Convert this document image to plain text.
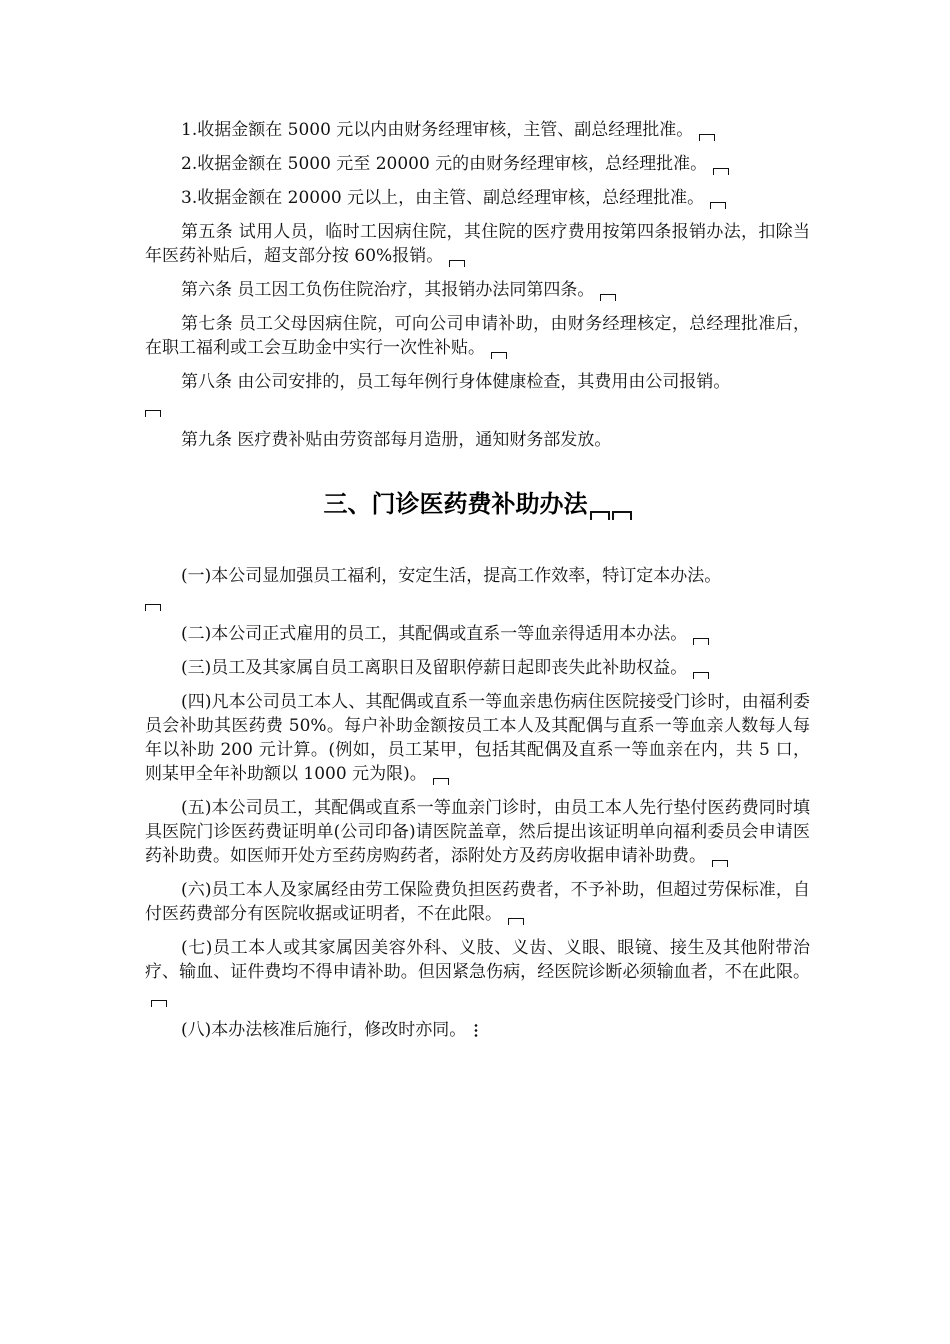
1.收据金额在 5000 元以内由财务经理审核，主管、副总经理批准。
2.收据金额在 5000 元至 20000 元的由财务经理审核，总经理批准。
3.收据金额在 20000 元以上，由主管、副总经理审核，总经理批准。
第五条 试用人员，临时工因病住院，其住院的医疗费用按第四条报销办法，扣除当年医药补贴后，超支部分按 60%报销。
第六条 员工因工负伤住院治疗，其报销办法同第四条。
第七条 员工父母因病住院，可向公司申请补助，由财务经理核定，总经理批准后，在职工福利或工会互助金中实行一次性补贴。
第八条 由公司安排的，员工每年例行身体健康检查，其费用由公司报销。
第九条 医疗费补贴由劳资部每月造册，通知财务部发放。
三、门诊医药费补助办法
(一)本公司显加强员工福利，安定生活，提高工作效率，特订定本办法。
(二)本公司正式雇用的员工，其配偶或直系一等血亲得适用本办法。
(三)员工及其家属自员工离职日及留职停薪日起即丧失此补助权益。
(四)凡本公司员工本人、其配偶或直系一等血亲患伤病住医院接受门诊时，由福利委员会补助其医药费 50%。每户补助金额按员工本人及其配偶与直系一等血亲人数每人每年以补助 200 元计算。(例如，员工某甲，包括其配偶及直系一等血亲在内，共 5 口，则某甲全年补助额以 1000 元为限)。
(五)本公司员工，其配偶或直系一等血亲门诊时，由员工本人先行垫付医药费同时填具医院门诊医药费证明单(公司印备)请医院盖章，然后提出该证明单向福利委员会申请医药补助费。如医师开处方至药房购药者，添附处方及药房收据申请补助费。
(六)员工本人及家属经由劳工保险费负担医药费者，不予补助，但超过劳保标准，自付医药费部分有医院收据或证明者，不在此限。
(七)员工本人或其家属因美容外科、义肢、义齿、义眼、眼镜、接生及其他附带治疗、输血、证件费均不得申请补助。但因紧急伤病，经医院诊断必须输血者，不在此限。
(八)本办法核准后施行，修改时亦同。
